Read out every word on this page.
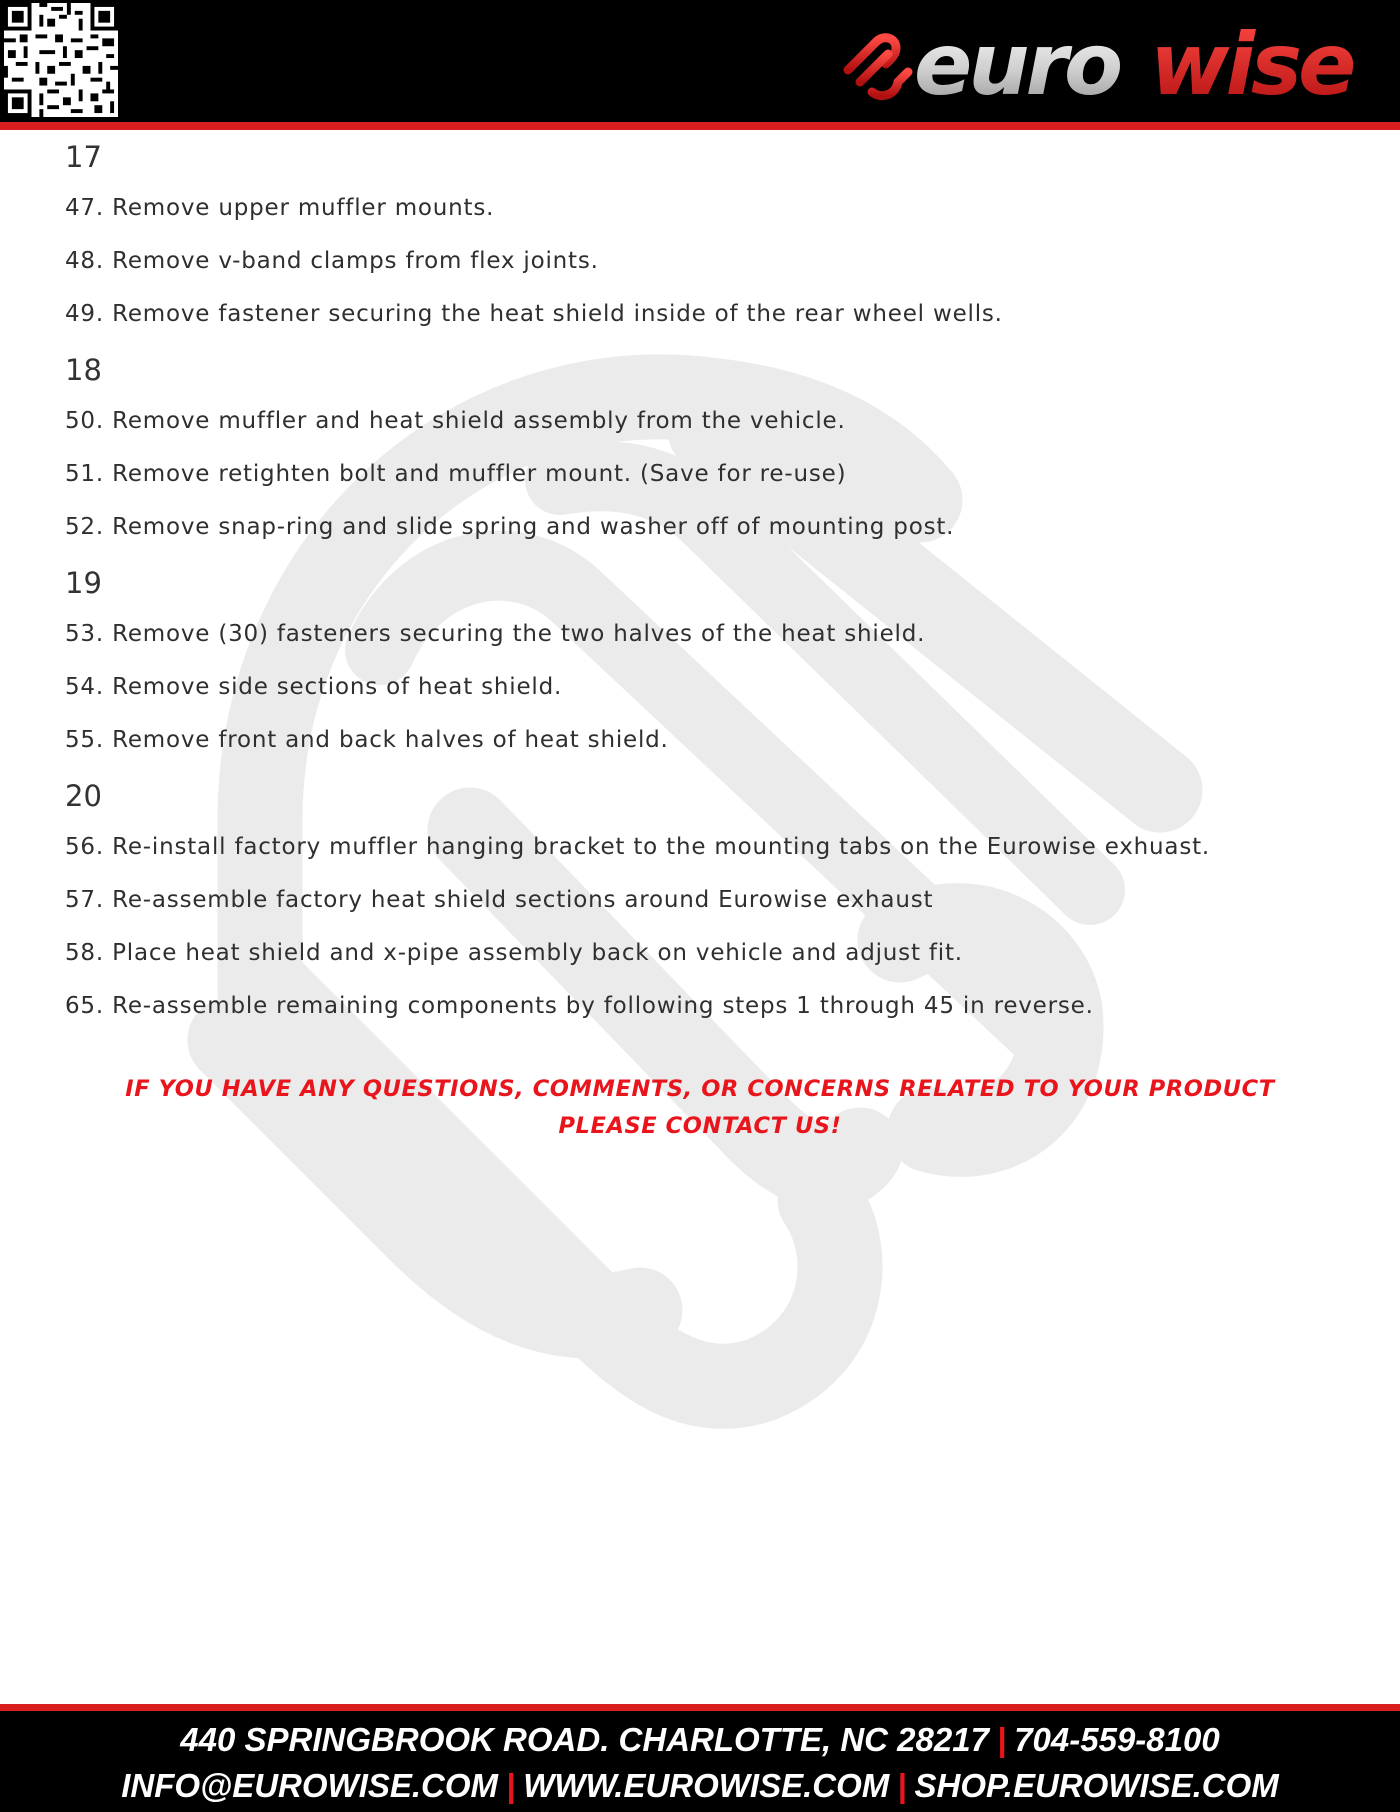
euro wise

17

47. Remove upper muffler mounts.

48. Remove v-band clamps from flex joints.

49. Remove fastener securing the heat shield inside of the rear wheel wells.

18

50. Remove muffler and heat shield assembly from the vehicle.

51. Remove retighten bolt and muffler mount. (Save for re-use)

52. Remove snap-ring and slide spring and washer off of mounting post.

19

53. Remove (30) fasteners securing the two halves of the heat shield.

54. Remove side sections of heat shield.

55. Remove front and back halves of heat shield.

20

56. Re-install factory muffler hanging bracket to the mounting tabs on the Eurowise exhuast.

57. Re-assemble factory heat shield sections around Eurowise exhaust

58. Place heat shield and x-pipe assembly back on vehicle and adjust fit.

65. Re-assemble remaining components by following steps 1 through 45 in reverse.

IF YOU HAVE ANY QUESTIONS, COMMENTS, OR CONCERNS RELATED TO YOUR PRODUCT
PLEASE CONTACT US!
440 SPRINGBROOK ROAD. CHARLOTTE, NC 28217 | 704-559-8100
INFO@EUROWISE.COM | WWW.EUROWISE.COM | SHOP.EUROWISE.COM
